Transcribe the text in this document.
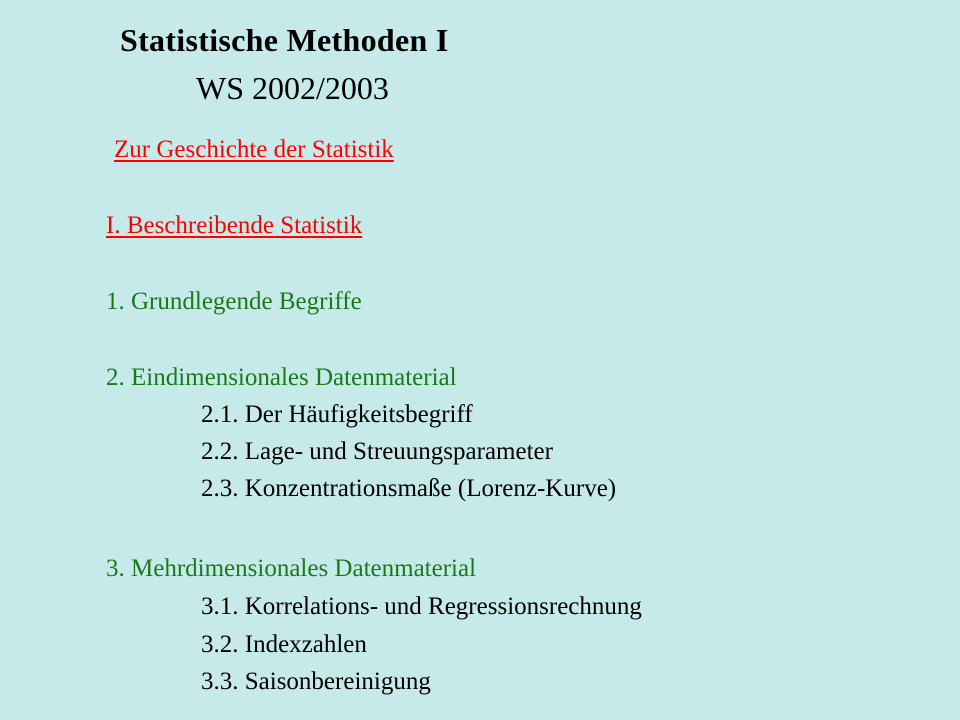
Statistische Methoden I
WS 2002/2003
Zur Geschichte der Statistik
I. Beschreibende Statistik
1. Grundlegende Begriffe
2. Eindimensionales Datenmaterial
2.1. Der Häufigkeitsbegriff
2.2. Lage- und Streuungsparameter
2.3. Konzentrationsmaße (Lorenz-Kurve)
3. Mehrdimensionales Datenmaterial
3.1. Korrelations- und Regressionsrechnung
3.2. Indexzahlen
3.3. Saisonbereinigung
